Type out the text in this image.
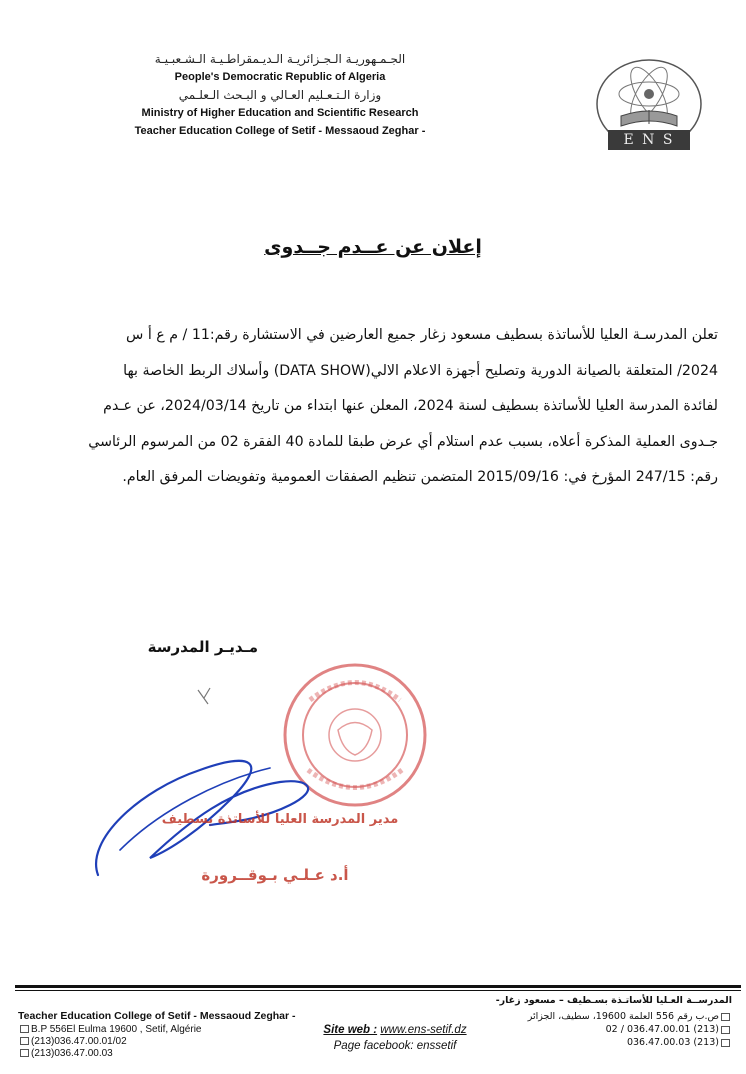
الجـمـهوريـة الـجـزائريـة الـديـمقراطـيـة الـشـعبـيـة
People's Democratic Republic of Algeria
وزارة الـتـعـليم العـالي و البـحث الـعلـمي
Ministry of Higher Education and Scientific Research
Teacher Education College of Setif - Messaoud Zeghar -
E N S
إعلان عن عــدم جــدوى

تعلن المدرسـة العليا للأساتذة بسطيف مسعود زغار جميع العارضين في الاستشارة رقم:11 / م ع أ س

2024/ المتعلقة بالصيانة الدورية وتصليح أجهزة الاعلام الالي(DATA SHOW) وأسلاك الربط الخاصة بها

لفائدة المدرسة العليا للأساتذة بسطيف لسنة 2024، المعلن عنها ابتداء من تاريخ 2024/03/14، عن عـدم

جـدوى العملية المذكرة أعلاه، بسبب عدم استلام أي عرض طبقا للمادة 40 الفقرة 02 من المرسوم الرئاسي

رقم: 247/15 المؤرخ في: 2015/09/16 المتضمن تنظيم الصفقات العمومية وتفويضات المرفق العام.

مـديـر المدرسة
مدير المدرسة العليا للأساتذة بسطيف
أ.د عـلـي بـوقــرورة
Teacher Education College of Setif - Messaoud Zeghar -
B.P 556El Eulma 19600 , Setif, Algérie
(213)036.47.00.01/02
(213)036.47.00.03
Site web : www.ens-setif.dz
Page facebook: enssetif
المدرســة العـليا للأساتـذة بسـطيف – مسعود زغار-
ص.ب رقم 556 العلمة 19600، سطيف، الجزائر
(213) 036.47.00.01 / 02
(213) 036.47.00.03
